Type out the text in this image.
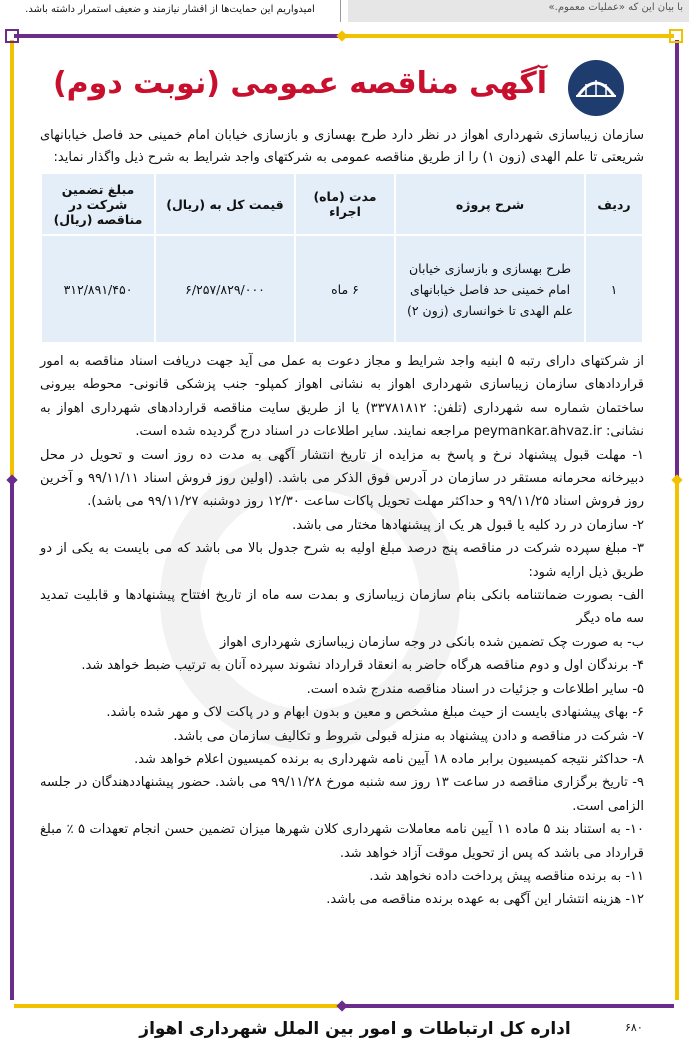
امیدواریم این حمایت‌ها از اقشار نیازمند و ضعیف استمرار داشته باشد.	با بیان این که «عملیات معموم.»
آگهی مناقصه عمومی (نوبت دوم)
سازمان زیباسازی شهرداری اهواز در نظر دارد طرح بهسازی و بازسازی خیابان امام خمینی حد فاصل خیابانهای شریعتی تا علم الهدی (زون ۱) را از طریق مناقصه عمومی به شرکتهای واجد شرایط به شرح ذیل واگذار نماید:
ردیف	شرح پروژه	مدت (ماه) اجراء	قیمت کل به (ریال)	مبلغ تضمین شرکت در مناقصه (ریال)
۱	طرح بهسازی و بازسازی خیابان امام خمینی حد فاصل خیابانهای علم الهدی تا خوانساری (زون ۲)	۶ ماه	۶/۲۵۷/۸۲۹/۰۰۰	۳۱۲/۸۹۱/۴۵۰

از شرکتهای دارای رتبه ۵ ابنیه واجد شرایط و مجاز دعوت به عمل می آید جهت دریافت اسناد مناقصه به امور قراردادهای سازمان زیباسازی شهرداری اهواز به نشانی اهواز کمپلو- جنب پزشکی قانونی- محوطه بیرونی ساختمان شماره سه شهرداری (تلفن: ۳۳۷۸۱۸۱۲) یا از طریق سایت مناقصه قراردادهای شهرداری اهواز به نشانی: peymankar.ahvaz.ir مراجعه نمایند. سایر اطلاعات در اسناد درج گردیده شده است.

۱- مهلت قبول پیشنهاد نرخ و پاسخ به مزایده از تاریخ انتشار آگهی به مدت ده روز است و تحویل در محل دبیرخانه محرمانه مستقر در سازمان در آدرس فوق الذکر می باشد. (اولین روز فروش اسناد ۹۹/۱۱/۱۱ و آخرین روز فروش اسناد ۹۹/۱۱/۲۵ و حداکثر مهلت تحویل پاکات ساعت ۱۲/۳۰ روز دوشنبه ۹۹/۱۱/۲۷ می باشد).

۲- سازمان در رد کلیه یا قبول هر یک از پیشنهادها مختار می باشد.

۳- مبلغ سپرده شرکت در مناقصه پنج درصد مبلغ اولیه به شرح جدول بالا می باشد که می بایست به یکی از دو طریق ذیل ارایه شود:

الف- بصورت ضمانتنامه بانکی بنام سازمان زیباسازی و بمدت سه ماه از تاریخ افتتاح پیشنهادها و قابلیت تمدید سه ماه دیگر

ب- به صورت چک تضمین شده بانکی در وجه سازمان زیباسازی شهرداری اهواز

۴- برندگان اول و دوم مناقصه هرگاه حاضر به انعقاد قرارداد نشوند سپرده آنان به ترتیب ضبط خواهد شد.

۵- سایر اطلاعات و جزئیات در اسناد مناقصه مندرج شده است.

۶- بهای پیشنهادی بایست از حیث مبلغ مشخص و معین و بدون ابهام و در پاکت لاک و مهر شده باشد.

۷- شرکت در مناقصه و دادن پیشنهاد به منزله قبولی شروط و تکالیف سازمان می باشد.

۸- حداکثر نتیجه کمیسیون برابر ماده ۱۸ آیین نامه شهرداری به برنده کمیسیون اعلام خواهد شد.

۹- تاریخ برگزاری مناقصه در ساعت ۱۳ روز سه شنبه مورخ ۹۹/۱۱/۲۸ می باشد. حضور پیشنهاددهندگان در جلسه الزامی است.

۱۰- به استناد بند ۵ ماده ۱۱ آیین نامه معاملات شهرداری کلان شهرها میزان تضمین حسن انجام تعهدات ۵ ٪ مبلغ قرارداد می باشد که پس از تحویل موقت آزاد خواهد شد.

۱۱- به برنده مناقصه پیش پرداخت داده نخواهد شد.

۱۲- هزینه انتشار این آگهی به عهده برنده مناقصه می باشد.

اداره کل ارتباطات و امور بین الملل شهرداری اهواز	۶۸۰
